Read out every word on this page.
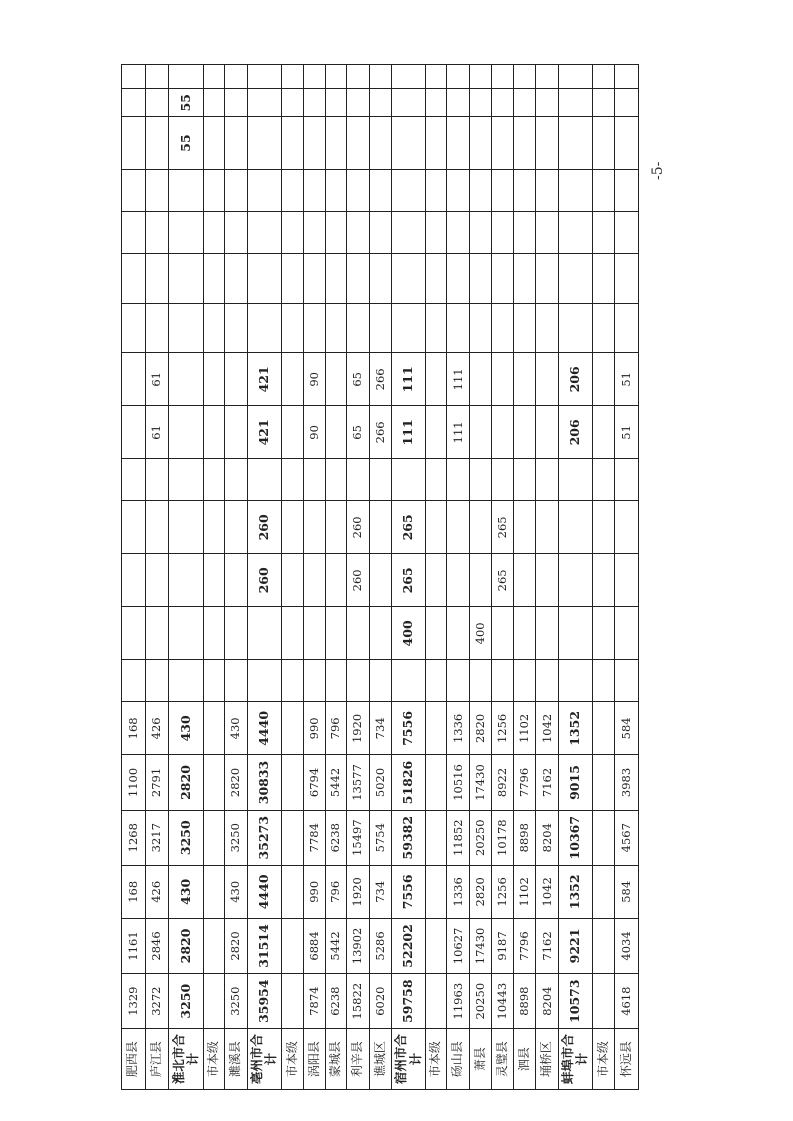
肥西县	1329	1161	168	1268	1100	168														
庐江县	3272	2846	426	3217	2791	426						61	61							
淮北市合计	3250	2820	430	3250	2820	430												55	55	
市本级																				
濉溪县	3250	2820	430	3250	2820	430														
亳州市合计	35954	31514	4440	35273	30833	4440			260	260		421	421							
市本级																				
涡阳县	7874	6884	990	7784	6794	990						90	90							
蒙城县	6238	5442	796	6238	5442	796														
利辛县	15822	13902	1920	15497	13577	1920			260	260		65	65							
谯城区	6020	5286	734	5754	5020	734						266	266							
宿州市合计	59758	52202	7556	59382	51826	7556		400	265	265		111	111							
市本级																				
砀山县	11963	10627	1336	11852	10516	1336						111	111							
萧县	20250	17430	2820	20250	17430	2820		400												
灵璧县	10443	9187	1256	10178	8922	1256			265	265										
泗县	8898	7796	1102	8898	7796	1102														
埇桥区	8204	7162	1042	8204	7162	1042														
蚌埠市合计	10573	9221	1352	10367	9015	1352						206	206							
市本级																				
怀远县	4618	4034	584	4567	3983	584						51	51							
-5-
